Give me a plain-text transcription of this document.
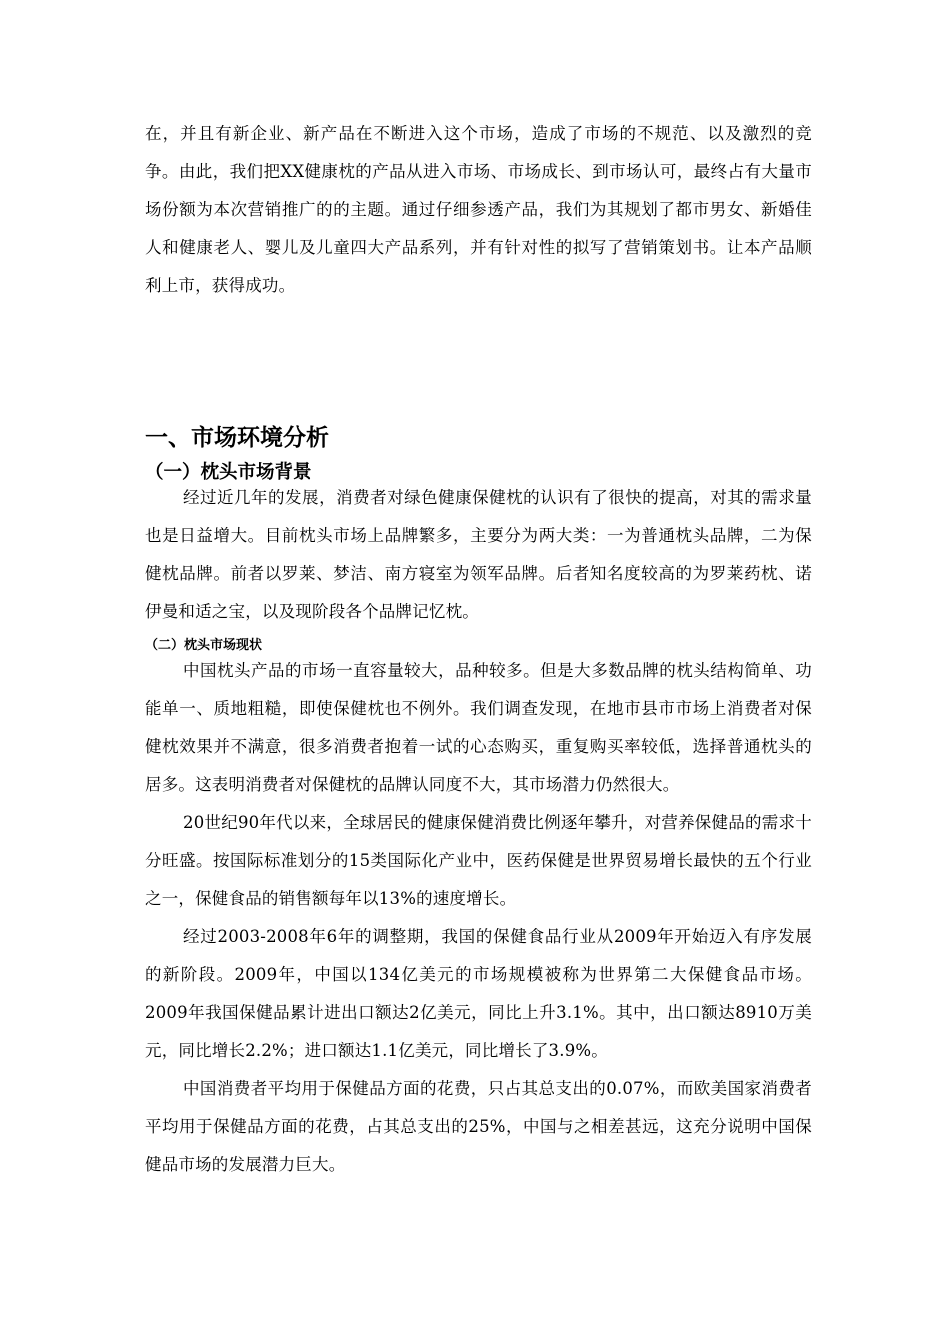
在，并且有新企业、新产品在不断进入这个市场，造成了市场的不规范、以及激烈的竞争。由此，我们把XX健康枕的产品从进入市场、市场成长、到市场认可，最终占有大量市场份额为本次营销推广的的主题。通过仔细参透产品，我们为其规划了都市男女、新婚佳人和健康老人、婴儿及儿童四大产品系列，并有针对性的拟写了营销策划书。让本产品顺利上市，获得成功。

一、市场环境分析
（一）枕头市场背景

经过近几年的发展，消费者对绿色健康保健枕的认识有了很快的提高，对其的需求量也是日益增大。目前枕头市场上品牌繁多，主要分为两大类：一为普通枕头品牌，二为保健枕品牌。前者以罗莱、梦洁、南方寝室为领军品牌。后者知名度较高的为罗莱药枕、诺伊曼和适之宝，以及现阶段各个品牌记忆枕。

（二）枕头市场现状

中国枕头产品的市场一直容量较大，品种较多。但是大多数品牌的枕头结构简单、功能单一、质地粗糙，即使保健枕也不例外。我们调查发现，在地市县市市场上消费者对保健枕效果并不满意，很多消费者抱着一试的心态购买，重复购买率较低，选择普通枕头的居多。这表明消费者对保健枕的品牌认同度不大，其市场潜力仍然很大。

20世纪90年代以来，全球居民的健康保健消费比例逐年攀升，对营养保健品的需求十分旺盛。按国际标准划分的15类国际化产业中，医药保健是世界贸易增长最快的五个行业之一，保健食品的销售额每年以13%的速度增长。

经过2003-2008年6年的调整期，我国的保健食品行业从2009年开始迈入有序发展的新阶段。2009年，中国以134亿美元的市场规模被称为世界第二大保健食品市场。2009年我国保健品累计进出口额达2亿美元，同比上升3.1%。其中，出口额达8910万美元，同比增长2.2%；进口额达1.1亿美元，同比增长了3.9%。

中国消费者平均用于保健品方面的花费，只占其总支出的0.07%，而欧美国家消费者平均用于保健品方面的花费，占其总支出的25%，中国与之相差甚远，这充分说明中国保健品市场的发展潜力巨大。
